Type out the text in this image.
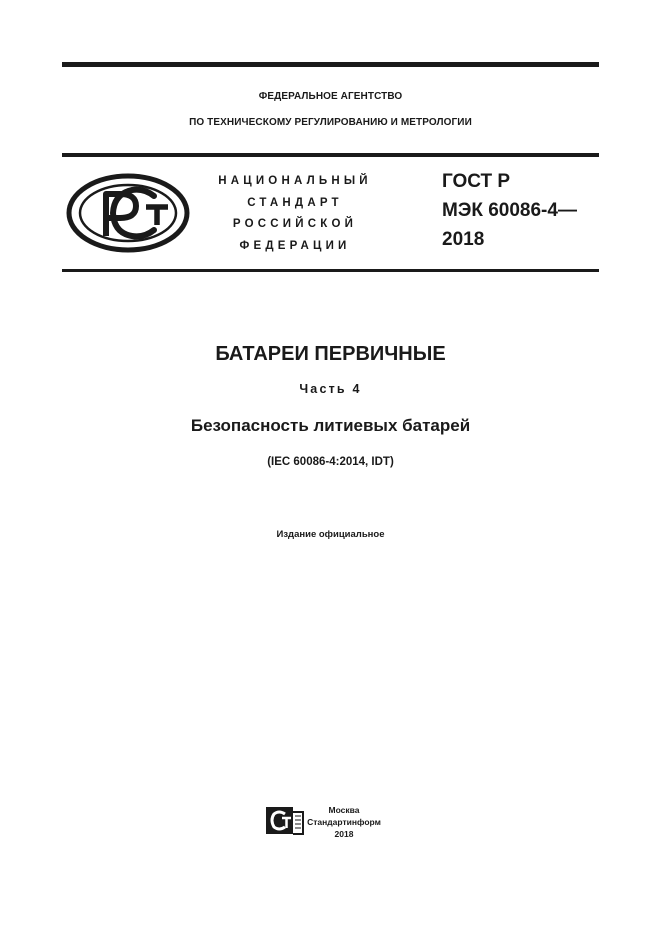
ФЕДЕРАЛЬНОЕ АГЕНТСТВО
ПО ТЕХНИЧЕСКОМУ РЕГУЛИРОВАНИЮ И МЕТРОЛОГИИ
НАЦИОНАЛЬНЫЙ
СТАНДАРТ
РОССИЙСКОЙ
ФЕДЕРАЦИИ
ГОСТ Р
МЭК 60086-4—
2018
БАТАРЕИ ПЕРВИЧНЫЕ
Часть 4
Безопасность литиевых батарей
(IEC 60086-4:2014, IDT)
Издание официальное
Москва
Стандартинформ
2018
